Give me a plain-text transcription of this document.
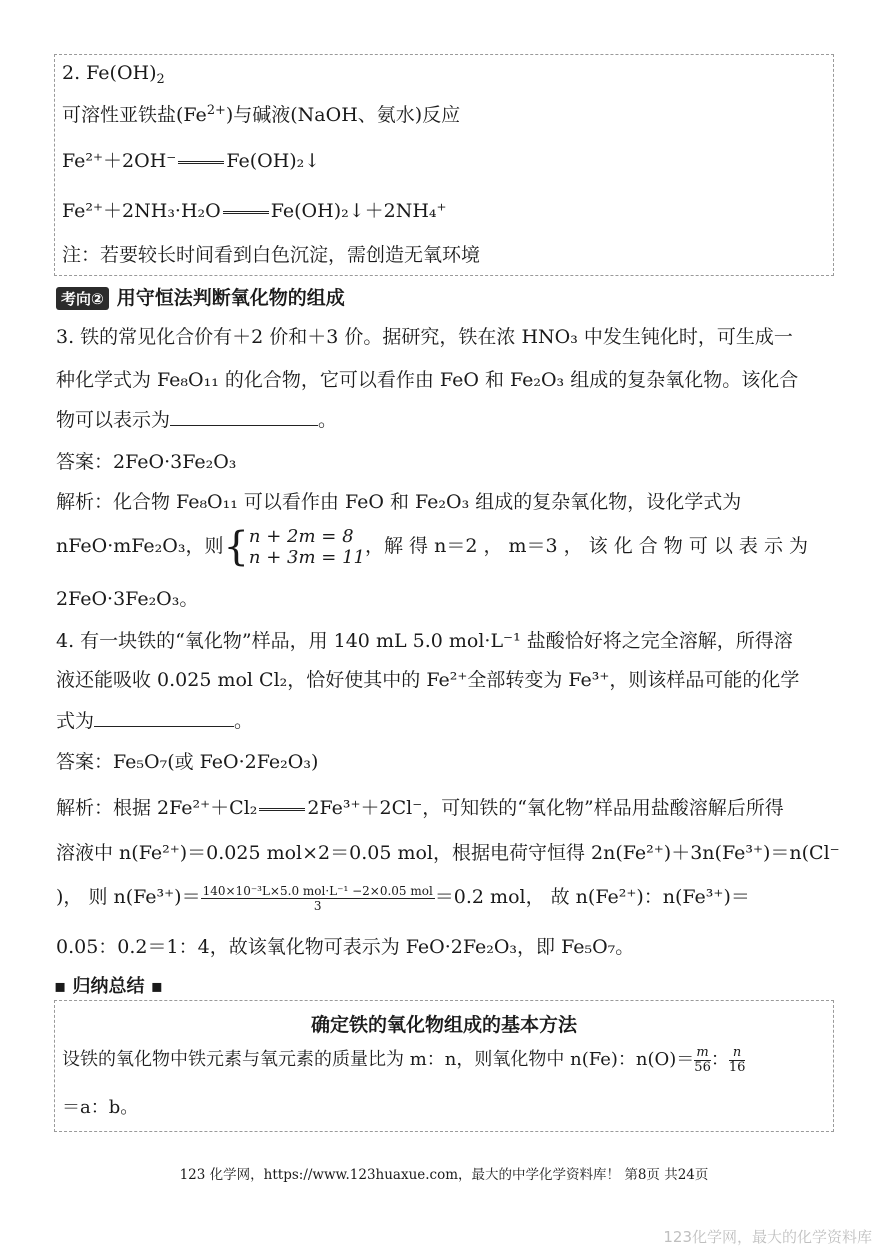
2. $Fe(OH)_2$
可溶性亚铁盐$(Fe^{2+})$与碱液(NaOH、氨水)反应
Fe²⁺＋2OH⁻	Fe(OH)₂↓
Fe²⁺＋2NH₃·H₂O	Fe(OH)₂↓＋2NH₄⁺
注：若要较长时间看到白色沉淀，需创造无氧环境
考向② 用守恒法判断氧化物的组成
3. 铁的常见化合价有＋2 价和＋3 价。据研究，铁在浓 HNO₃ 中发生钝化时，可生成一
种化学式为 Fe₈O₁₁ 的化合物，它可以看作由 FeO 和 Fe₂O₃ 组成的复杂氧化物。该化合
物可以表示为	。
答案：2FeO·3Fe₂O₃
解析：化合物 Fe₈O₁₁ 可以看作由 FeO 和 Fe₂O₃ 组成的复杂氧化物，设化学式为
nFeO·mFe₂O₃，则{ n + 2m = 8
n + 3m = 11
，解 得 n＝2 ， m＝3 ， 该 化 合 物 可 以 表 示 为
2FeO·3Fe₂O₃。
4. 有一块铁的“氧化物”样品，用 140 mL 5.0 mol·L⁻¹ 盐酸恰好将之完全溶解，所得溶
液还能吸收 0.025 mol Cl₂，恰好使其中的 Fe²⁺全部转变为 Fe³⁺，则该样品可能的化学
式为	。
答案：Fe₅O₇(或 FeO·2Fe₂O₃)
解析：根据 2Fe²⁺＋Cl₂	2Fe³⁺＋2Cl⁻，可知铁的“氧化物”样品用盐酸溶解后所得
溶液中 n(Fe²⁺)＝0.025 mol×2＝0.05 mol，根据电荷守恒得 2n(Fe²⁺)＋3n(Fe³⁺)＝n(Cl⁻
)， 则 $n(Fe^{3+})= \frac{\text{140×10⁻³L×5.0 mol·L⁻¹ −2×0.05 mol}}{3} =0.2$ mol， 故 n(Fe²⁺)：n(Fe³⁺)＝
0.05：0.2＝1：4，故该氧化物可表示为 FeO·2Fe₂O₃，即 Fe₅O₇。
▪ 归纳总结 ▪
确定铁的氧化物组成的基本方法
设铁的氧化物中铁元素与氧元素的质量比为 m：n，则氧化物中 n(Fe)：$n(O)= \frac{m}{56}$ ： $\frac{n}{16}$
＝a：b。
123 化学网，https://www.123huaxue.com，最大的中学化学资料库！ 第8页 共24页
123化学网，最大的化学资料库
